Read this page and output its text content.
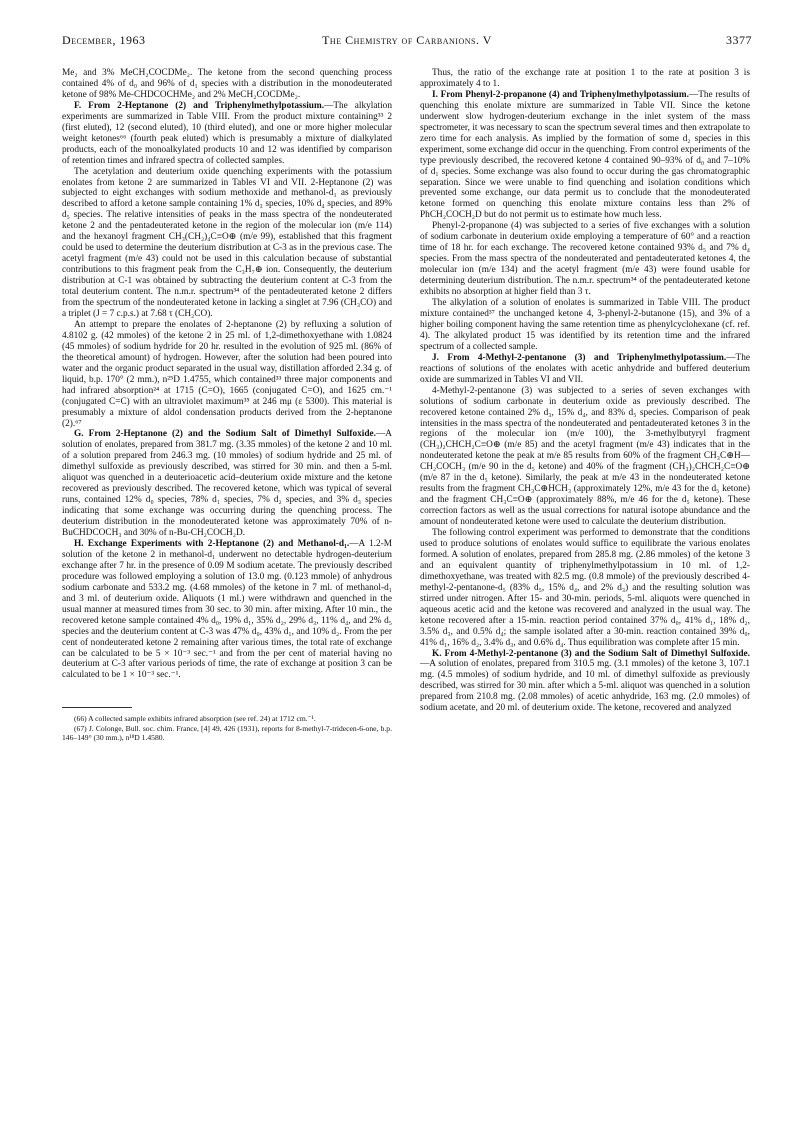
December, 1963	The Chemistry of Carbanions. V	3377

Me₂ and 3% MeCH₂COCDMe₂. The ketone from the second quenching process contained 4% of d₀ and 96% of d₁ species with a distribution in the monodeuterated ketone of 98% Me-CHDCOCHMe₂ and 2% MeCH₂COCDMe₂.

F. From 2-Heptanone (2) and Triphenylmethylpotassium.—The alkylation experiments are summarized in Table VIII. From the product mixture containing³³ 2 (first eluted), 12 (second eluted), 10 (third eluted), and one or more higher molecular weight ketones⁶⁶ (fourth peak eluted) which is presumably a mixture of dialkylated products, each of the monoalkylated products 10 and 12 was identified by comparison of retention times and infrared spectra of collected samples.

The acetylation and deuterium oxide quenching experiments with the potassium enolates from ketone 2 are summarized in Tables VI and VII. 2-Heptanone (2) was subjected to eight exchanges with sodium methoxide and methanol-d₁ as previously described to afford a ketone sample containing 1% d₃ species, 10% d₄ species, and 89% d₅ species. The relative intensities of peaks in the mass spectra of the nondeuterated ketone 2 and the pentadeuterated ketone in the region of the molecular ion (m/e 114) and the hexanoyl fragment CH₃(CH₂)₄C≡O⊕ (m/e 99), established that this fragment could be used to determine the deuterium distribution at C-3 as in the previous case. The acetyl fragment (m/e 43) could not be used in this calculation because of substantial contributions to this fragment peak from the C₃H₇⊕ ion. Consequently, the deuterium distribution at C-1 was obtained by subtracting the deuterium content at C-3 from the total deuterium content. The n.m.r. spectrum³⁴ of the pentadeuterated ketone 2 differs from the spectrum of the nondeuterated ketone in lacking a singlet at 7.96 (CH₃CO) and a triplet (J = 7 c.p.s.) at 7.68 τ (CH₂CO).

An attempt to prepare the enolates of 2-heptanone (2) by refluxing a solution of 4.8102 g. (42 mmoles) of the ketone 2 in 25 ml. of 1,2-dimethoxyethane with 1.0824 (45 mmoles) of sodium hydride for 20 hr. resulted in the evolution of 925 ml. (86% of the theoretical amount) of hydrogen. However, after the solution had been poured into water and the organic product separated in the usual way, distillation afforded 2.34 g. of liquid, b.p. 170° (2 mm.), n²⁵D 1.4755, which contained³³ three major components and had infrared absorption²⁴ at 1715 (C=O), 1665 (conjugated C=O), and 1625 cm.⁻¹ (conjugated C=C) with an ultraviolet maximum³⁵ at 246 mμ (ε 5300). This material is presumably a mixture of aldol condensation products derived from the 2-heptanone (2).⁶⁷

G. From 2-Heptanone (2) and the Sodium Salt of Dimethyl Sulfoxide.—A solution of enolates, prepared from 381.7 mg. (3.35 mmoles) of the ketone 2 and 10 ml. of a solution prepared from 246.3 mg. (10 mmoles) of sodium hydride and 25 ml. of dimethyl sulfoxide as previously described, was stirred for 30 min. and then a 5-ml. aliquot was quenched in a deuterioacetic acid–deuterium oxide mixture and the ketone recovered as previously described. The recovered ketone, which was typical of several runs, contained 12% d₀ species, 78% d₁ species, 7% d₂ species, and 3% d₃ species indicating that some exchange was occurring during the quenching process. The deuterium distribution in the monodeuterated ketone was approximately 70% of n-BuCHDCOCH₃ and 30% of n-Bu-CH₂COCH₂D.

H. Exchange Experiments with 2-Heptanone (2) and Methanol-d₁.—A 1.2-M solution of the ketone 2 in methanol-d₁ underwent no detectable hydrogen-deuterium exchange after 7 hr. in the presence of 0.09 M sodium acetate. The previously described procedure was followed employing a solution of 13.0 mg. (0.123 mmole) of anhydrous sodium carbonate and 533.2 mg. (4.68 mmoles) of the ketone in 7 ml. of methanol-d₁ and 3 ml. of deuterium oxide. Aliquots (1 ml.) were withdrawn and quenched in the usual manner at measured times from 30 sec. to 30 min. after mixing. After 10 min., the recovered ketone sample contained 4% d₀, 19% d₁, 35% d₂, 29% d₃, 11% d₄, and 2% d₅ species and the deuterium content at C-3 was 47% d₀, 43% d₁, and 10% d₂. From the per cent of nondeuterated ketone 2 remaining after various times, the total rate of exchange can be calculated to be 5 × 10⁻³ sec.⁻¹ and from the per cent of material having no deuterium at C-3 after various periods of time, the rate of exchange at position 3 can be calculated to be 1 × 10⁻³ sec.⁻¹.

(66) A collected sample exhibits infrared absorption (see ref. 24) at 1712 cm.⁻¹.

(67) J. Colonge, Bull. soc. chim. France, [4] 49, 426 (1931), reports for 8-methyl-7-tridecen-6-one, b.p. 146–149° (30 mm.), n¹⁸D 1.4580.

Thus, the ratio of the exchange rate at position 1 to the rate at position 3 is approximately 4 to 1.

I. From Phenyl-2-propanone (4) and Triphenylmethylpotassium.—The results of quenching this enolate mixture are summarized in Table VII. Since the ketone underwent slow hydrogen-deuterium exchange in the inlet system of the mass spectrometer, it was necessary to scan the spectrum several times and then extrapolate to zero time for each analysis. As implied by the formation of some d₂ species in this experiment, some exchange did occur in the quenching. From control experiments of the type previously described, the recovered ketone 4 contained 90–93% of d₀ and 7–10% of d₁ species. Some exchange was also found to occur during the gas chromatographic separation. Since we were unable to find quenching and isolation conditions which prevented some exchange, our data permit us to conclude that the monodeuterated ketone formed on quenching this enolate mixture contains less than 2% of PhCH₂COCH₂D but do not permit us to estimate how much less.

Phenyl-2-propanone (4) was subjected to a series of five exchanges with a solution of sodium carbonate in deuterium oxide employing a temperature of 60° and a reaction time of 18 hr. for each exchange. The recovered ketone contained 93% d₅ and 7% d₄ species. From the mass spectra of the nondeuterated and pentadeuterated ketones 4, the molecular ion (m/e 134) and the acetyl fragment (m/e 43) were found usable for determining deuterium distribution. The n.m.r. spectrum³⁴ of the pentadeuterated ketone exhibits no absorption at higher field than 3 τ.

The alkylation of a solution of enolates is summarized in Table VIII. The product mixture contained³⁷ the unchanged ketone 4, 3-phenyl-2-butanone (15), and 3% of a higher boiling component having the same retention time as phenylcyclohexane (cf. ref. 4). The alkylated product 15 was identified by its retention time and the infrared spectrum of a collected sample.

J. From 4-Methyl-2-pentanone (3) and Triphenylmethylpotassium.—The reactions of solutions of the enolates with acetic anhydride and buffered deuterium oxide are summarized in Tables VI and VII.

4-Methyl-2-pentanone (3) was subjected to a series of seven exchanges with solutions of sodium carbonate in deuterium oxide as previously described. The recovered ketone contained 2% d₃, 15% d₄, and 83% d₅ species. Comparison of peak intensities in the mass spectra of the nondeuterated and pentadeuterated ketones 3 in the regions of the molecular ion (m/e 100), the 3-methylbutyryl fragment (CH₃)₂CHCH₂C≡O⊕ (m/e 85) and the acetyl fragment (m/e 43) indicates that in the nondeuterated ketone the peak at m/e 85 results from 60% of the fragment CH₃C⊕H—CH₂COCH₃ (m/e 90 in the d₅ ketone) and 40% of the fragment (CH₃)₂CHCH₂C≡O⊕ (m/e 87 in the d₅ ketone). Similarly, the peak at m/e 43 in the nondeuterated ketone results from the fragment CH₃C⊕HCH₃ (approximately 12%, m/e 43 for the d₅ ketone) and the fragment CH₃C≡O⊕ (approximately 88%, m/e 46 for the d₅ ketone). These correction factors as well as the usual corrections for natural isotope abundance and the amount of nondeuterated ketone were used to calculate the deuterium distribution.

The following control experiment was performed to demonstrate that the conditions used to produce solutions of enolates would suffice to equilibrate the various enolates formed. A solution of enolates, prepared from 285.8 mg. (2.86 mmoles) of the ketone 3 and an equivalent quantity of triphenylmethylpotassium in 10 ml. of 1,2-dimethoxyethane, was treated with 82.5 mg. (0.8 mmole) of the previously described 4-methyl-2-pentanone-d₅ (83% d₅, 15% d₄, and 2% d₃) and the resulting solution was stirred under nitrogen. After 15- and 30-min. periods, 5-ml. aliquots were quenched in aqueous acetic acid and the ketone was recovered and analyzed in the usual way. The ketone recovered after a 15-min. reaction period contained 37% d₀, 41% d₁, 18% d₂, 3.5% d₃, and 0.5% d₄; the sample isolated after a 30-min. reaction contained 39% d₀, 41% d₁, 16% d₂, 3.4% d₃, and 0.6% d₄. Thus equilibration was complete after 15 min.

K. From 4-Methyl-2-pentanone (3) and the Sodium Salt of Dimethyl Sulfoxide.—A solution of enolates, prepared from 310.5 mg. (3.1 mmoles) of the ketone 3, 107.1 mg. (4.5 mmoles) of sodium hydride, and 10 ml. of dimethyl sulfoxide as previously described, was stirred for 30 min. after which a 5-ml. aliquot was quenched in a solution prepared from 210.8 mg. (2.08 mmoles) of acetic anhydride, 163 mg. (2.0 mmoles) of sodium acetate, and 20 ml. of deuterium oxide. The ketone, recovered and analyzed
